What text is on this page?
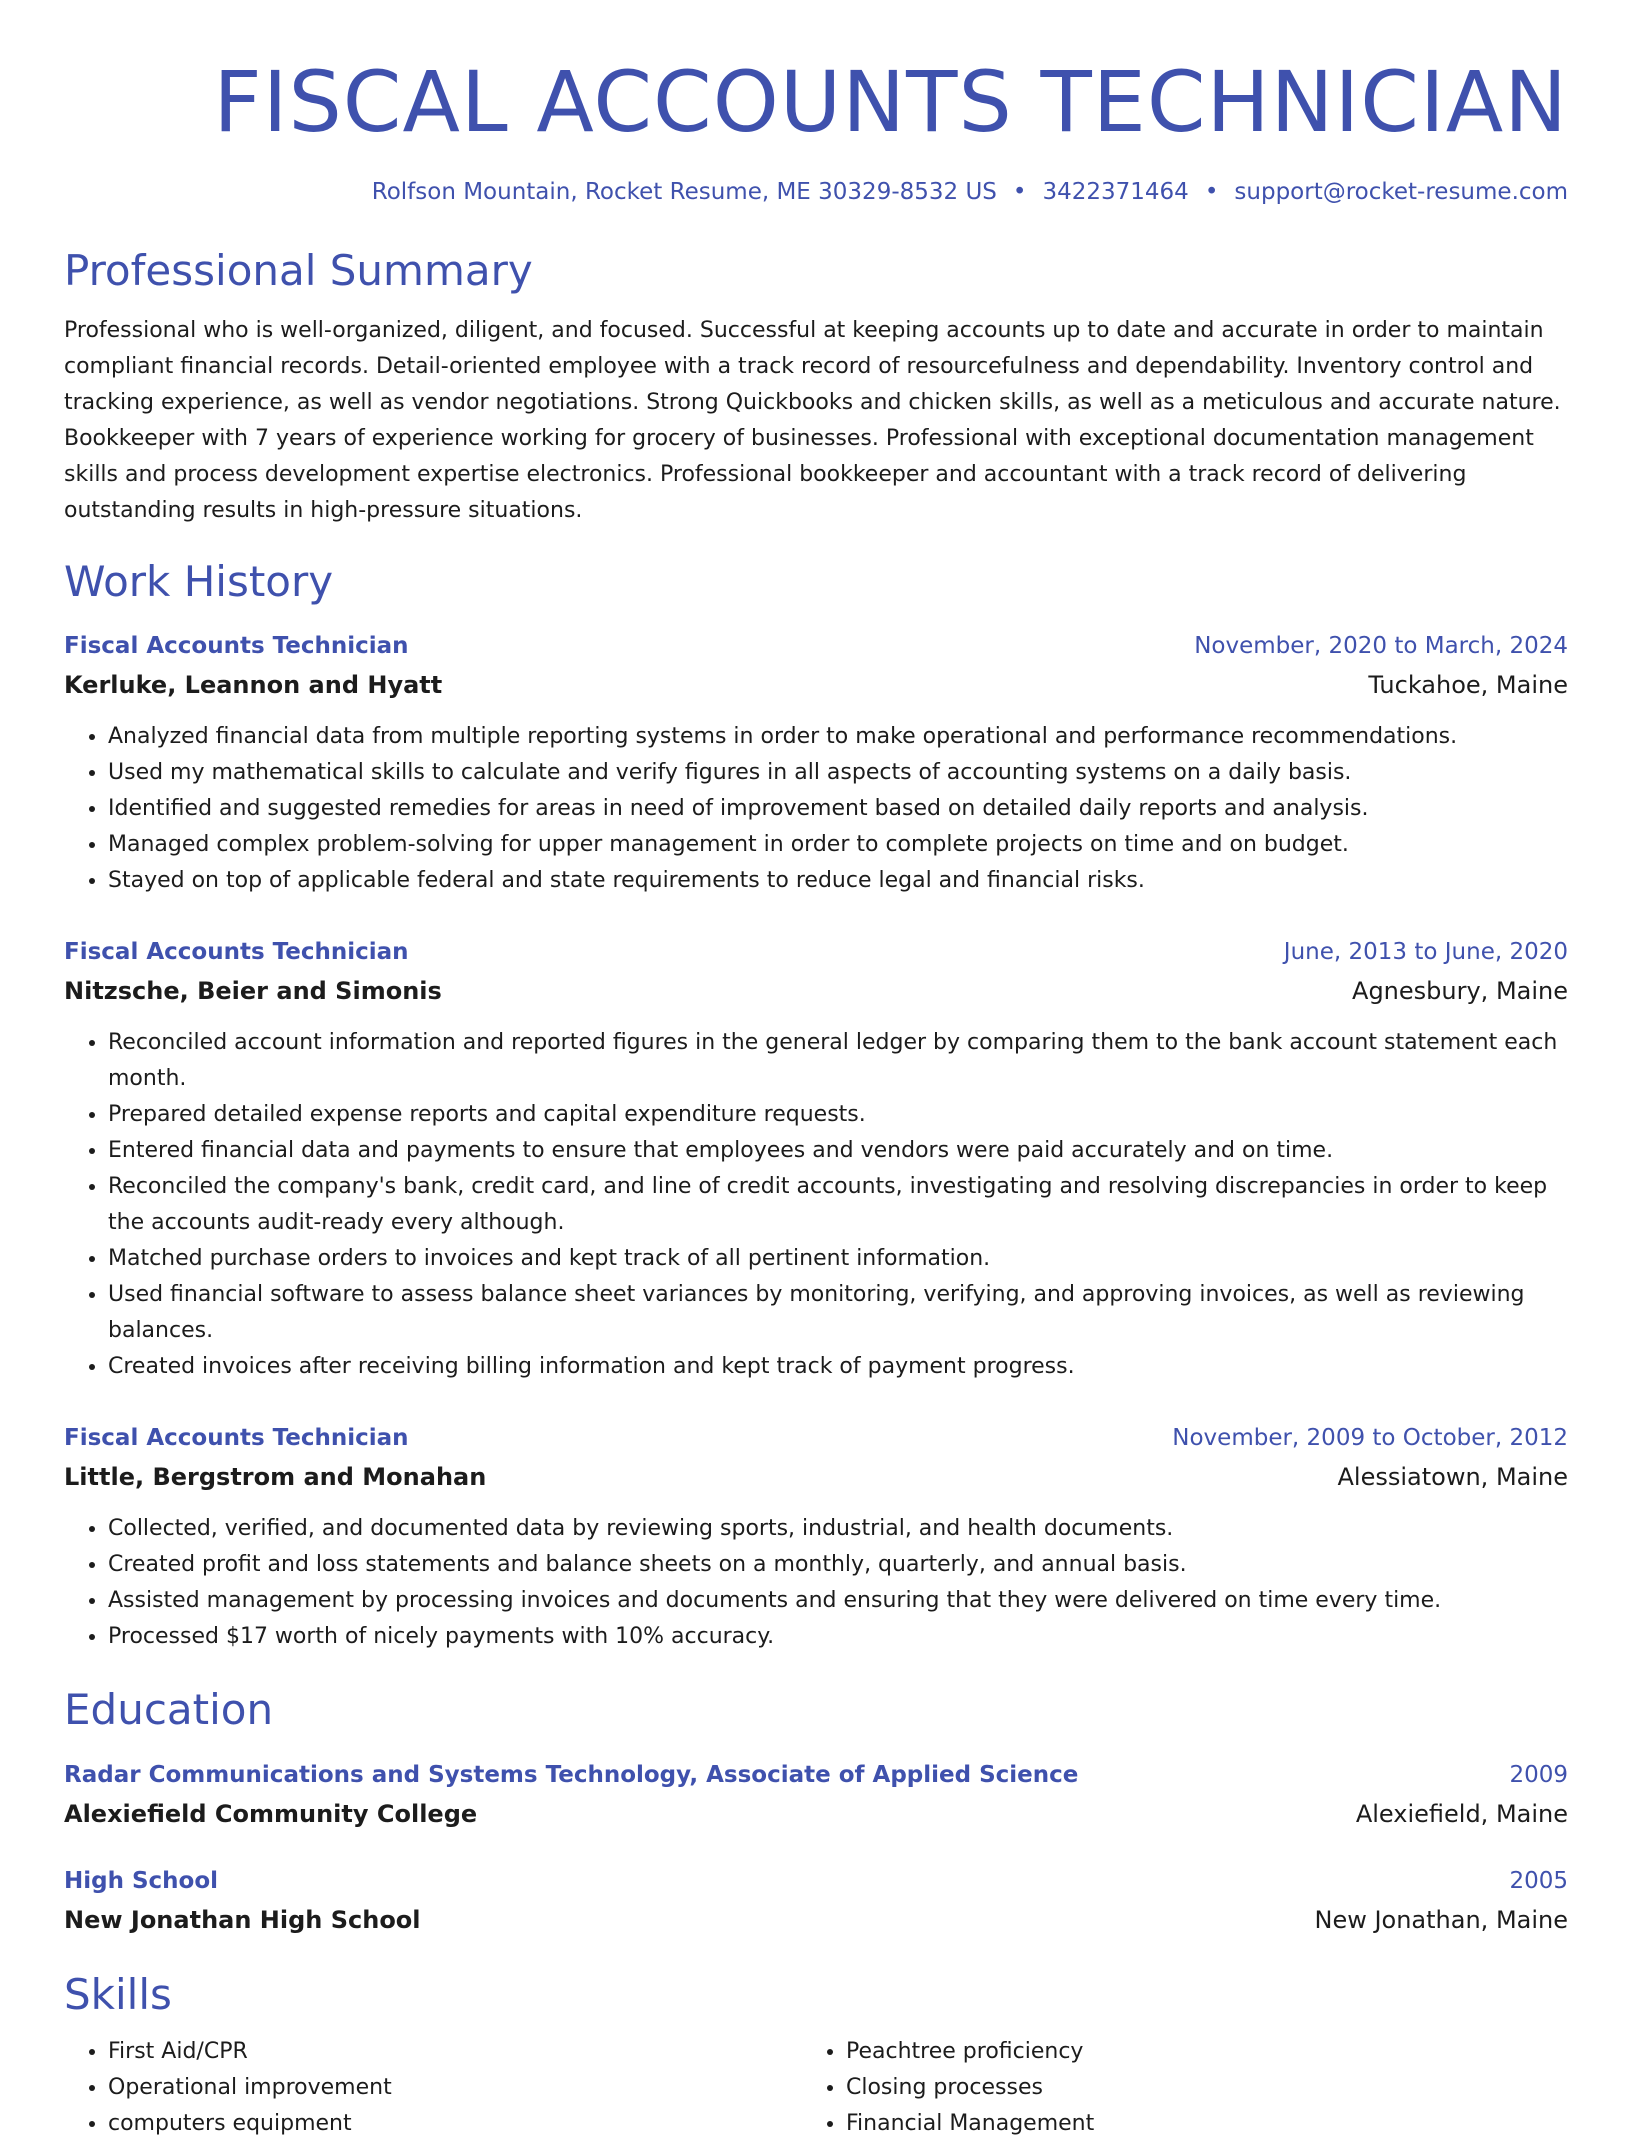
FISCAL ACCOUNTS TECHNICIAN
Rolfson Mountain, Rocket Resume, ME 30329-8532 US • 3422371464 • support@rocket-resume.com
Professional Summary
Professional who is well-organized, diligent, and focused. Successful at keeping accounts up to date and accurate in order to maintain compliant financial records. Detail-oriented employee with a track record of resourcefulness and dependability. Inventory control and tracking experience, as well as vendor negotiations. Strong Quickbooks and chicken skills, as well as a meticulous and accurate nature. Bookkeeper with 7 years of experience working for grocery of businesses. Professional with exceptional documentation management skills and process development expertise electronics. Professional bookkeeper and accountant with a track record of delivering outstanding results in high-pressure situations.
Work History
Fiscal Accounts Technician	November, 2020 to March, 2024
Kerluke, Leannon and Hyatt	Tuckahoe, Maine
• Analyzed financial data from multiple reporting systems in order to make operational and performance recommendations.
• Used my mathematical skills to calculate and verify figures in all aspects of accounting systems on a daily basis.
• Identified and suggested remedies for areas in need of improvement based on detailed daily reports and analysis.
• Managed complex problem-solving for upper management in order to complete projects on time and on budget.
• Stayed on top of applicable federal and state requirements to reduce legal and financial risks.
Fiscal Accounts Technician	June, 2013 to June, 2020
Nitzsche, Beier and Simonis	Agnesbury, Maine
• Reconciled account information and reported figures in the general ledger by comparing them to the bank account statement each month.
• Prepared detailed expense reports and capital expenditure requests.
• Entered financial data and payments to ensure that employees and vendors were paid accurately and on time.
• Reconciled the company's bank, credit card, and line of credit accounts, investigating and resolving discrepancies in order to keep the accounts audit-ready every although.
• Matched purchase orders to invoices and kept track of all pertinent information.
• Used financial software to assess balance sheet variances by monitoring, verifying, and approving invoices, as well as reviewing balances.
• Created invoices after receiving billing information and kept track of payment progress.
Fiscal Accounts Technician	November, 2009 to October, 2012
Little, Bergstrom and Monahan	Alessiatown, Maine
• Collected, verified, and documented data by reviewing sports, industrial, and health documents.
• Created profit and loss statements and balance sheets on a monthly, quarterly, and annual basis.
• Assisted management by processing invoices and documents and ensuring that they were delivered on time every time.
• Processed $17 worth of nicely payments with 10% accuracy.
Education
Radar Communications and Systems Technology, Associate of Applied Science	2009
Alexiefield Community College	Alexiefield, Maine
High School	2005
New Jonathan High School	New Jonathan, Maine
Skills
• First Aid/CPR
• Operational improvement
• computers equipment
• Peachtree proficiency
• Closing processes
• Financial Management
